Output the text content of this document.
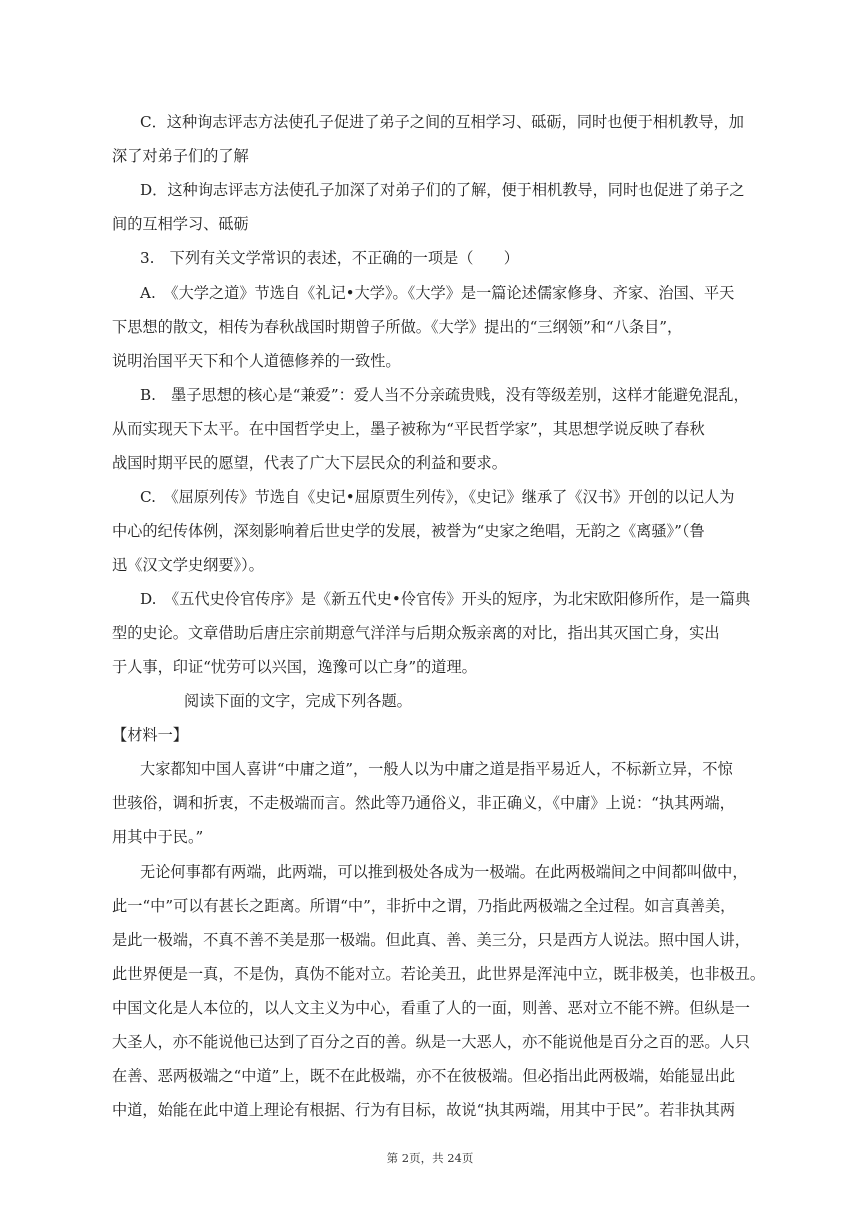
C．这种询志评志方法使孔子促进了弟子之间的互相学习、砥砺，同时也便于相机教导，加
深了对弟子们的了解
D．这种询志评志方法使孔子加深了对弟子们的了解，便于相机教导，同时也促进了弟子之
间的互相学习、砥砺
3.　下列有关文学常识的表述，不正确的一项是（　　）
A.　《大学之道》节选自《礼记•大学》。《大学》是一篇论述儒家修身、齐家、治国、平天
下思想的散文，相传为春秋战国时期曾子所做。《大学》提出的“三纲领”和“八条目”，
说明治国平天下和个人道德修养的一致性。
B.　墨子思想的核心是“兼爱”：爱人当不分亲疏贵贱，没有等级差别，这样才能避免混乱，
从而实现天下太平。在中国哲学史上，墨子被称为“平民哲学家”，其思想学说反映了春秋
战国时期平民的愿望，代表了广大下层民众的利益和要求。
C.　《屈原列传》节选自《史记•屈原贾生列传》，《史记》继承了《汉书》开创的以记人为
中心的纪传体例，深刻影响着后世史学的发展，被誉为“史家之绝唱，无韵之《离骚》”（鲁
迅《汉文学史纲要》）。
D.　《五代史伶官传序》是《新五代史•伶官传》开头的短序，为北宋欧阳修所作，是一篇典
型的史论。文章借助后唐庄宗前期意气洋洋与后期众叛亲离的对比，指出其灭国亡身，实出
于人事，印证“忧劳可以兴国，逸豫可以亡身”的道理。
阅读下面的文字，完成下列各题。
【材料一】
大家都知中国人喜讲“中庸之道”，一般人以为中庸之道是指平易近人，不标新立异，不惊
世骇俗，调和折衷，不走极端而言。然此等乃通俗义，非正确义，《中庸》上说：“执其两端，
用其中于民。”
无论何事都有两端，此两端，可以推到极处各成为一极端。在此两极端间之中间都叫做中，
此一“中”可以有甚长之距离。所谓“中”，非折中之谓，乃指此两极端之全过程。如言真善美，
是此一极端，不真不善不美是那一极端。但此真、善、美三分，只是西方人说法。照中国人讲，
此世界便是一真，不是伪，真伪不能对立。若论美丑，此世界是浑沌中立，既非极美，也非极丑。
中国文化是人本位的，以人文主义为中心，看重了人的一面，则善、恶对立不能不辨。但纵是一
大圣人，亦不能说他已达到了百分之百的善。纵是一大恶人，亦不能说他是百分之百的恶。人只
在善、恶两极端之“中道”上，既不在此极端，亦不在彼极端。但必指出此两极端，始能显出此
中道，始能在此中道上理论有根据、行为有目标，故说“执其两端，用其中于民”。若非执其两
第 2页，共 24页
